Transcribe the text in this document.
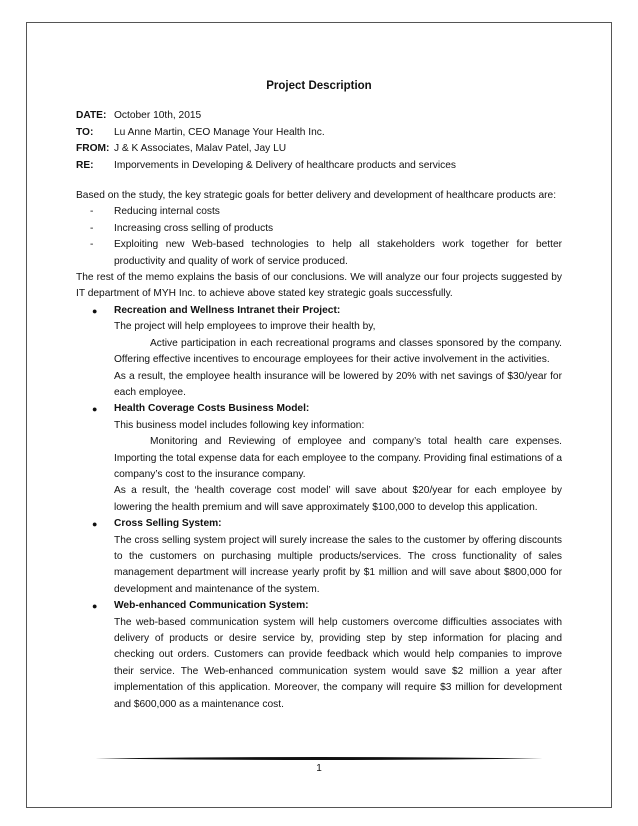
Project Description
DATE: October 10th, 2015
TO:	Lu Anne Martin, CEO Manage Your Health Inc.
FROM: J & K Associates, Malav Patel, Jay LU
RE:	Imporvements in Developing & Delivery of healthcare products and services
Based on the study, the key strategic goals for better delivery and development of healthcare products are:
- Reducing internal costs
- Increasing cross selling of products
- Exploiting new Web-based technologies to help all stakeholders work together for better productivity and quality of work of service produced.
The rest of the memo explains the basis of our conclusions. We will analyze our four projects suggested by IT department of MYH Inc. to achieve above stated key strategic goals successfully.
● Recreation and Wellness Intranet their Project:

The project will help employees to improve their health by,

Active participation in each recreational programs and classes sponsored by the company. Offering effective incentives to encourage employees for their active involvement in the activities.

As a result, the employee health insurance will be lowered by 20% with net savings of $30/year for each employee.

● Health Coverage Costs Business Model:

This business model includes following key information:

Monitoring and Reviewing of employee and company’s total health care expenses. Importing the total expense data for each employee to the company. Providing final estimations of a company’s cost to the insurance company.

As a result, the ‘health coverage cost model’ will save about $20/year for each employee by lowering the health premium and will save approximately $100,000 to develop this application.

● Cross Selling System:

The cross selling system project will surely increase the sales to the customer by offering discounts to the customers on purchasing multiple products/services. The cross functionality of sales management department will increase yearly profit by $1 million and will save about $800,000 for development and maintenance of the system.

● Web-enhanced Communication System:

The web-based communication system will help customers overcome difficulties associates with delivery of products or desire service by, providing step by step information for placing and checking out orders. Customers can provide feedback which would help companies to improve their service. The Web-enhanced communication system would save $2 million a year after implementation of this application. Moreover, the company will require $3 million for development and $600,000 as a maintenance cost.

1
